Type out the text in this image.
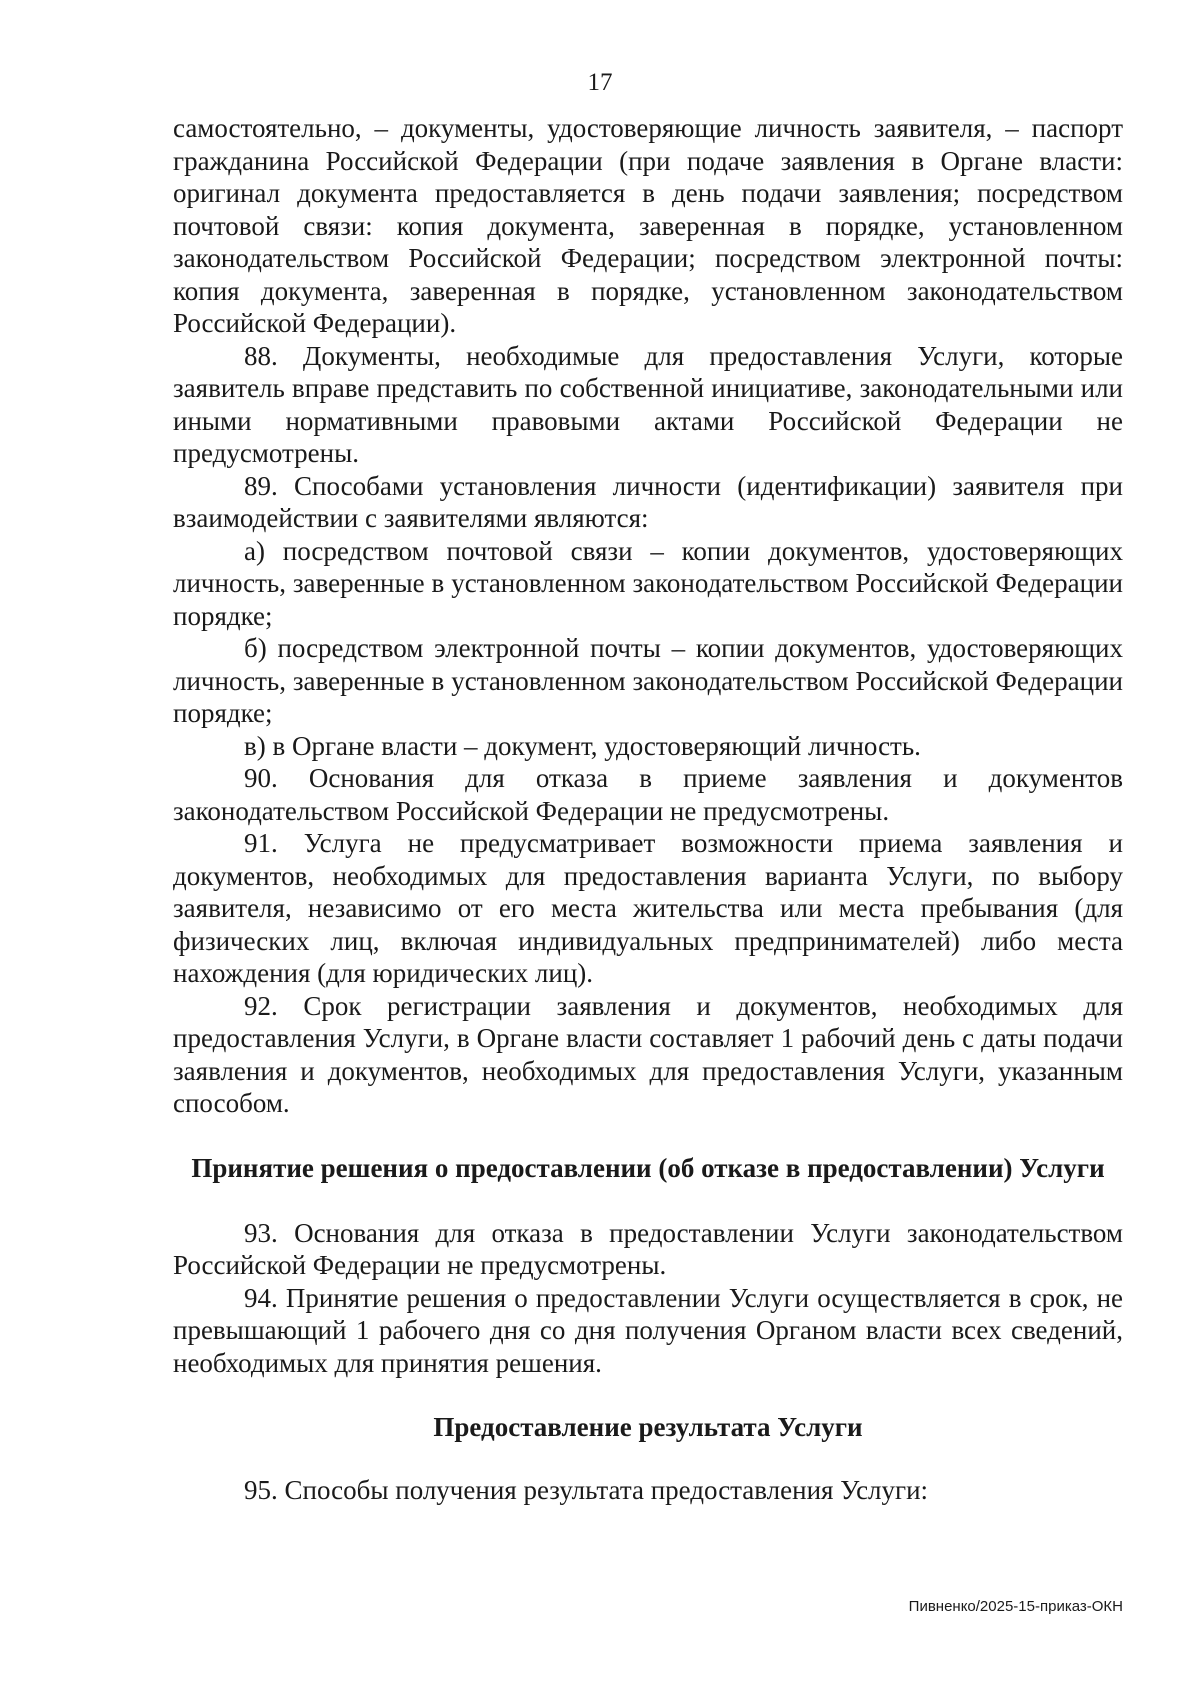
17

самостоятельно, – документы, удостоверяющие личность заявителя, – паспорт гражданина Российской Федерации (при подаче заявления в Органе власти: оригинал документа предоставляется в день подачи заявления; посредством почтовой связи: копия документа, заверенная в порядке, установленном законодательством Российской Федерации; посредством электронной почты: копия документа, заверенная в порядке, установленном законодательством Российской Федерации).

88. Документы, необходимые для предоставления Услуги, которые заявитель вправе представить по собственной инициативе, законодательными или иными нормативными правовыми актами Российской Федерации не предусмотрены.

89. Способами установления личности (идентификации) заявителя при взаимодействии с заявителями являются:

а) посредством почтовой связи – копии документов, удостоверяющих личность, заверенные в установленном законодательством Российской Федерации порядке;

б) посредством электронной почты – копии документов, удостоверяющих личность, заверенные в установленном законодательством Российской Федерации порядке;

в) в Органе власти – документ, удостоверяющий личность.

90. Основания для отказа в приеме заявления и документов законодательством Российской Федерации не предусмотрены.

91. Услуга не предусматривает возможности приема заявления и документов, необходимых для предоставления варианта Услуги, по выбору заявителя, независимо от его места жительства или места пребывания (для физических лиц, включая индивидуальных предпринимателей) либо места нахождения (для юридических лиц).

92. Срок регистрации заявления и документов, необходимых для предоставления Услуги, в Органе власти составляет 1 рабочий день с даты подачи заявления и документов, необходимых для предоставления Услуги, указанным способом.

Принятие решения о предоставлении (об отказе в предоставлении) Услуги

93. Основания для отказа в предоставлении Услуги законодательством Российской Федерации не предусмотрены.

94. Принятие решения о предоставлении Услуги осуществляется в срок, не превышающий 1 рабочего дня со дня получения Органом власти всех сведений, необходимых для принятия решения.

Предоставление результата Услуги

95. Способы получения результата предоставления Услуги:

Пивненко/2025-15-приказ-ОКН
